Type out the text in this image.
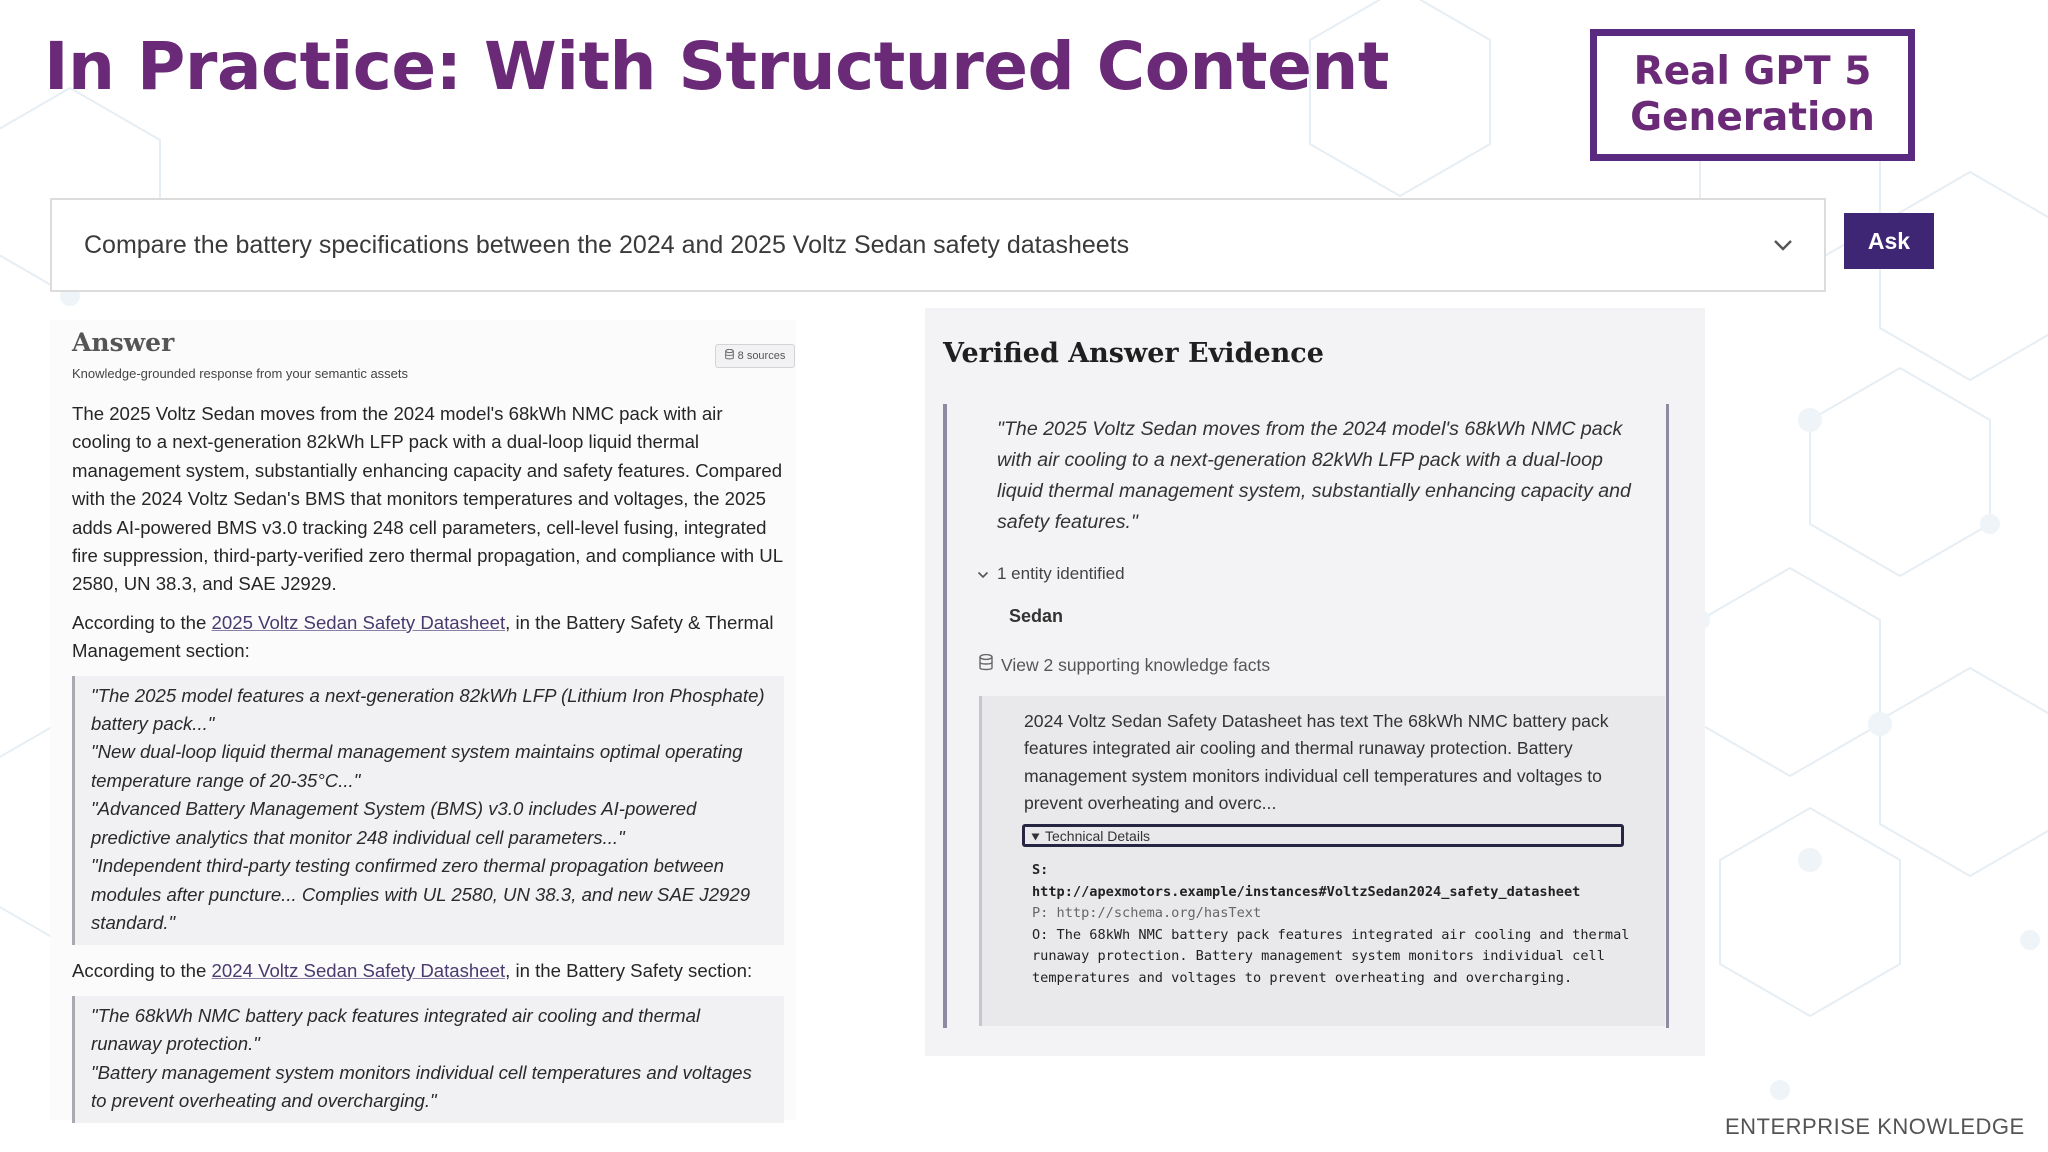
In Practice: With Structured Content	Real GPT 5
Generation
Compare the battery specifications between the 2024 and 2025 Voltz Sedan safety datasheets	Ask
Answer
Knowledge-grounded response from your semantic assets
8 sources

The 2025 Voltz Sedan moves from the 2024 model's 68kWh NMC pack with air cooling to a next-generation 82kWh LFP pack with a dual-loop liquid thermal management system, substantially enhancing capacity and safety features. Compared with the 2024 Voltz Sedan's BMS that monitors temperatures and voltages, the 2025 adds AI-powered BMS v3.0 tracking 248 cell parameters, cell-level fusing, integrated fire suppression, third-party-verified zero thermal propagation, and compliance with UL 2580, UN 38.3, and SAE J2929.

According to the 2025 Voltz Sedan Safety Datasheet, in the Battery Safety & Thermal Management section:

"The 2025 model features a next-generation 82kWh LFP (Lithium Iron Phosphate) battery pack..."
"New dual-loop liquid thermal management system maintains optimal operating temperature range of 20-35°C..."
"Advanced Battery Management System (BMS) v3.0 includes AI-powered predictive analytics that monitor 248 individual cell parameters..."
"Independent third-party testing confirmed zero thermal propagation between modules after puncture... Complies with UL 2580, UN 38.3, and new SAE J2929 standard."

According to the 2024 Voltz Sedan Safety Datasheet, in the Battery Safety section:

"The 68kWh NMC battery pack features integrated air cooling and thermal runaway protection."
"Battery management system monitors individual cell temperatures and voltages to prevent overheating and overcharging."
Verified Answer Evidence
"The 2025 Voltz Sedan moves from the 2024 model's 68kWh NMC pack with air cooling to a next-generation 82kWh LFP pack with a dual-loop liquid thermal management system, substantially enhancing capacity and safety features."
1 entity identified
Sedan
View 2 supporting knowledge facts
2024 Voltz Sedan Safety Datasheet has text The 68kWh NMC battery pack features integrated air cooling and thermal runaway protection. Battery management system monitors individual cell temperatures and voltages to prevent overheating and overc...
Technical Details
S:
http://apexmotors.example/instances#VoltzSedan2024_safety_datasheet
P: http://schema.org/hasText
O: The 68kWh NMC battery pack features integrated air cooling and thermal runaway protection. Battery management system monitors individual cell temperatures and voltages to prevent overheating and overcharging.
ENTERPRISE KNOWLEDGE
